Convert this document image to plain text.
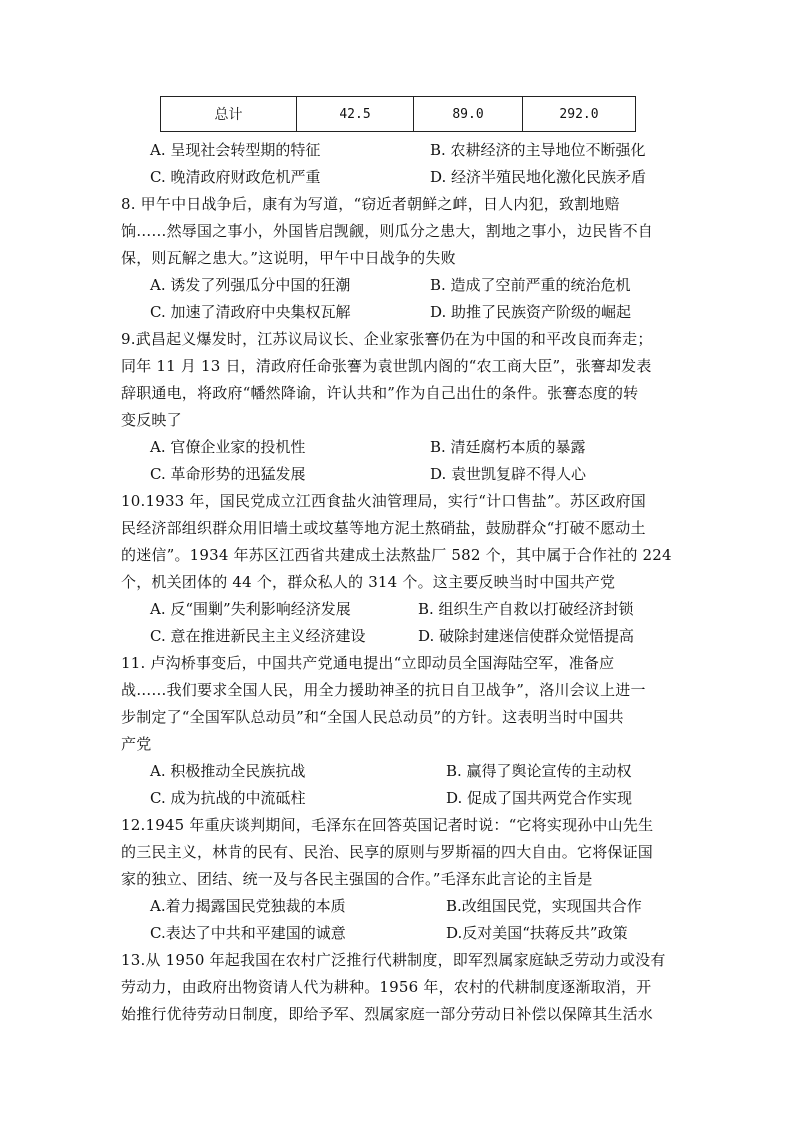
总计	42.5	89.0	292.0
A. 呈现社会转型期的特征	B. 农耕经济的主导地位不断强化
C. 晚清政府财政危机严重	D. 经济半殖民地化激化民族矛盾
8. 甲午中日战争后，康有为写道，“窃近者朝鲜之衅，日人内犯，致割地赔
饷……然辱国之事小，外国皆启觊觎，则瓜分之患大，割地之事小，边民皆不自
保，则瓦解之患大。”这说明，甲午中日战争的失败
A. 诱发了列强瓜分中国的狂潮	B. 造成了空前严重的统治危机
C. 加速了清政府中央集权瓦解	D. 助推了民族资产阶级的崛起
9.武昌起义爆发时，江苏议局议长、企业家张謇仍在为中国的和平改良而奔走；
同年 11 月 13 日，清政府任命张謇为袁世凯内阁的“农工商大臣”，张謇却发表
辞职通电，将政府“幡然降谕，许认共和”作为自己出仕的条件。张謇态度的转
变反映了
A. 官僚企业家的投机性	B. 清廷腐朽本质的暴露
C. 革命形势的迅猛发展	D. 袁世凯复辟不得人心
10.1933 年，国民党成立江西食盐火油管理局，实行“计口售盐”。苏区政府国
民经济部组织群众用旧墙土或坟墓等地方泥土熬硝盐，鼓励群众“打破不愿动土
的迷信”。1934 年苏区江西省共建成土法熬盐厂 582 个，其中属于合作社的 224
个，机关团体的 44 个，群众私人的 314 个。这主要反映当时中国共产党
A. 反“围剿”失利影响经济发展	B. 组织生产自救以打破经济封锁
C. 意在推进新民主主义经济建设	D. 破除封建迷信使群众觉悟提高
11. 卢沟桥事变后，中国共产党通电提出“立即动员全国海陆空军，准备应
战……我们要求全国人民，用全力援助神圣的抗日自卫战争”，洛川会议上进一
步制定了“全国军队总动员”和“全国人民总动员”的方针。这表明当时中国共
产党
A. 积极推动全民族抗战	B. 赢得了舆论宣传的主动权
C. 成为抗战的中流砥柱	D. 促成了国共两党合作实现
12.1945 年重庆谈判期间，毛泽东在回答英国记者时说：“它将实现孙中山先生
的三民主义，林肯的民有、民治、民享的原则与罗斯福的四大自由。它将保证国
家的独立、团结、统一及与各民主强国的合作。”毛泽东此言论的主旨是
A.着力揭露国民党独裁的本质	B.改组国民党，实现国共合作
C.表达了中共和平建国的诚意	D.反对美国“扶蒋反共”政策
13.从 1950 年起我国在农村广泛推行代耕制度，即军烈属家庭缺乏劳动力或没有
劳动力，由政府出物资请人代为耕种。1956 年，农村的代耕制度逐渐取消，开
始推行优待劳动日制度，即给予军、烈属家庭一部分劳动日补偿以保障其生活水
